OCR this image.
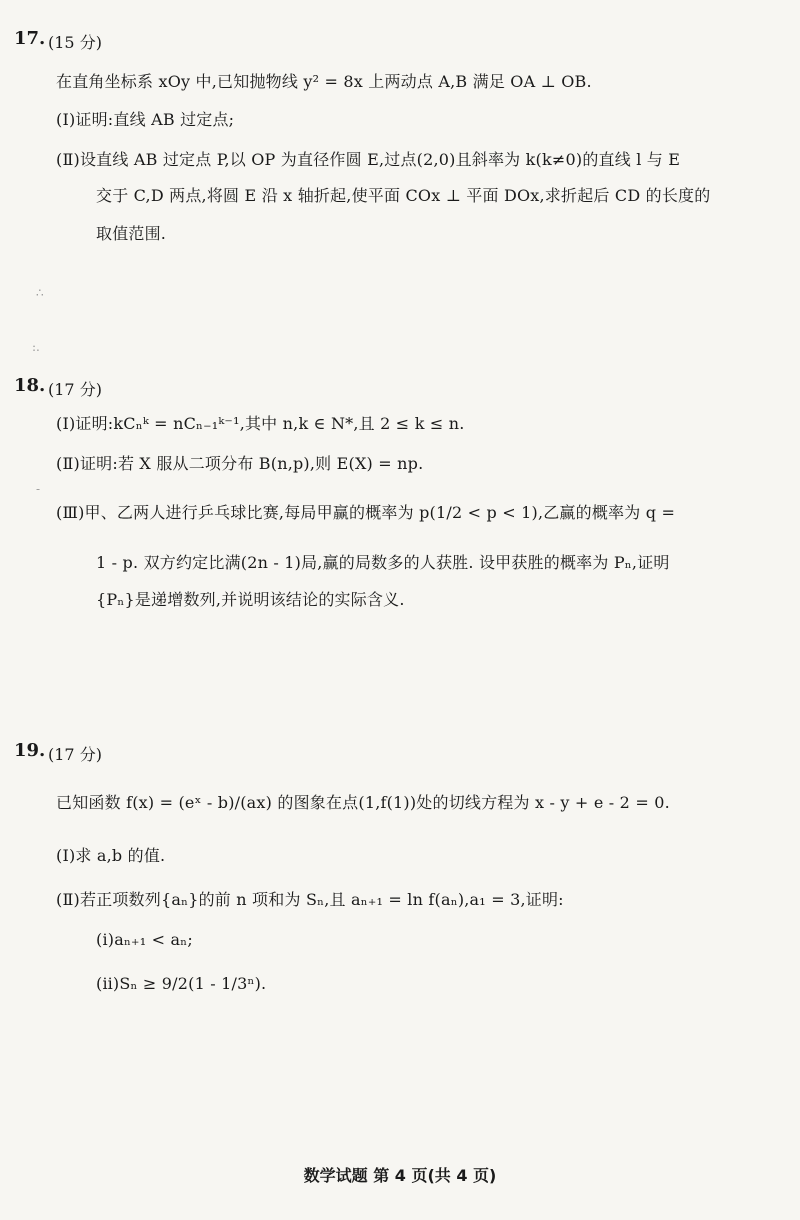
17. (15 分)
在直角坐标系 xOy 中,已知抛物线 y² = 8x 上两动点 A,B 满足 OA ⊥ OB.
(Ⅰ)证明:直线 AB 过定点;
(Ⅱ)设直线 AB 过定点 P,以 OP 为直径作圆 E,过点(2,0)且斜率为 k(k≠0)的直线 l 与 E
交于 C,D 两点,将圆 E 沿 x 轴折起,使平面 COx ⊥ 平面 DOx,求折起后 CD 的长度的
取值范围.
∴
:.
18. (17 分)
(Ⅰ)证明:kCₙᵏ = nCₙ₋₁ᵏ⁻¹,其中 n,k ∈ N*,且 2 ≤ k ≤ n.
(Ⅱ)证明:若 X 服从二项分布 B(n,p),则 E(X) = np.
(Ⅲ)甲、乙两人进行乒乓球比赛,每局甲赢的概率为 p(1/2 < p < 1),乙赢的概率为 q =
1 - p. 双方约定比满(2n - 1)局,赢的局数多的人获胜. 设甲获胜的概率为 Pₙ,证明
{Pₙ}是递增数列,并说明该结论的实际含义.
-
19. (17 分)
已知函数 f(x) = (eˣ - b)/(ax) 的图象在点(1,f(1))处的切线方程为 x - y + e - 2 = 0.
(Ⅰ)求 a,b 的值.
(Ⅱ)若正项数列{aₙ}的前 n 项和为 Sₙ,且 aₙ₊₁ = ln f(aₙ),a₁ = 3,证明:
(ⅰ)aₙ₊₁ < aₙ;
(ⅱ)Sₙ ≥ 9/2(1 - 1/3ⁿ).
数学试题 第 4 页(共 4 页)
